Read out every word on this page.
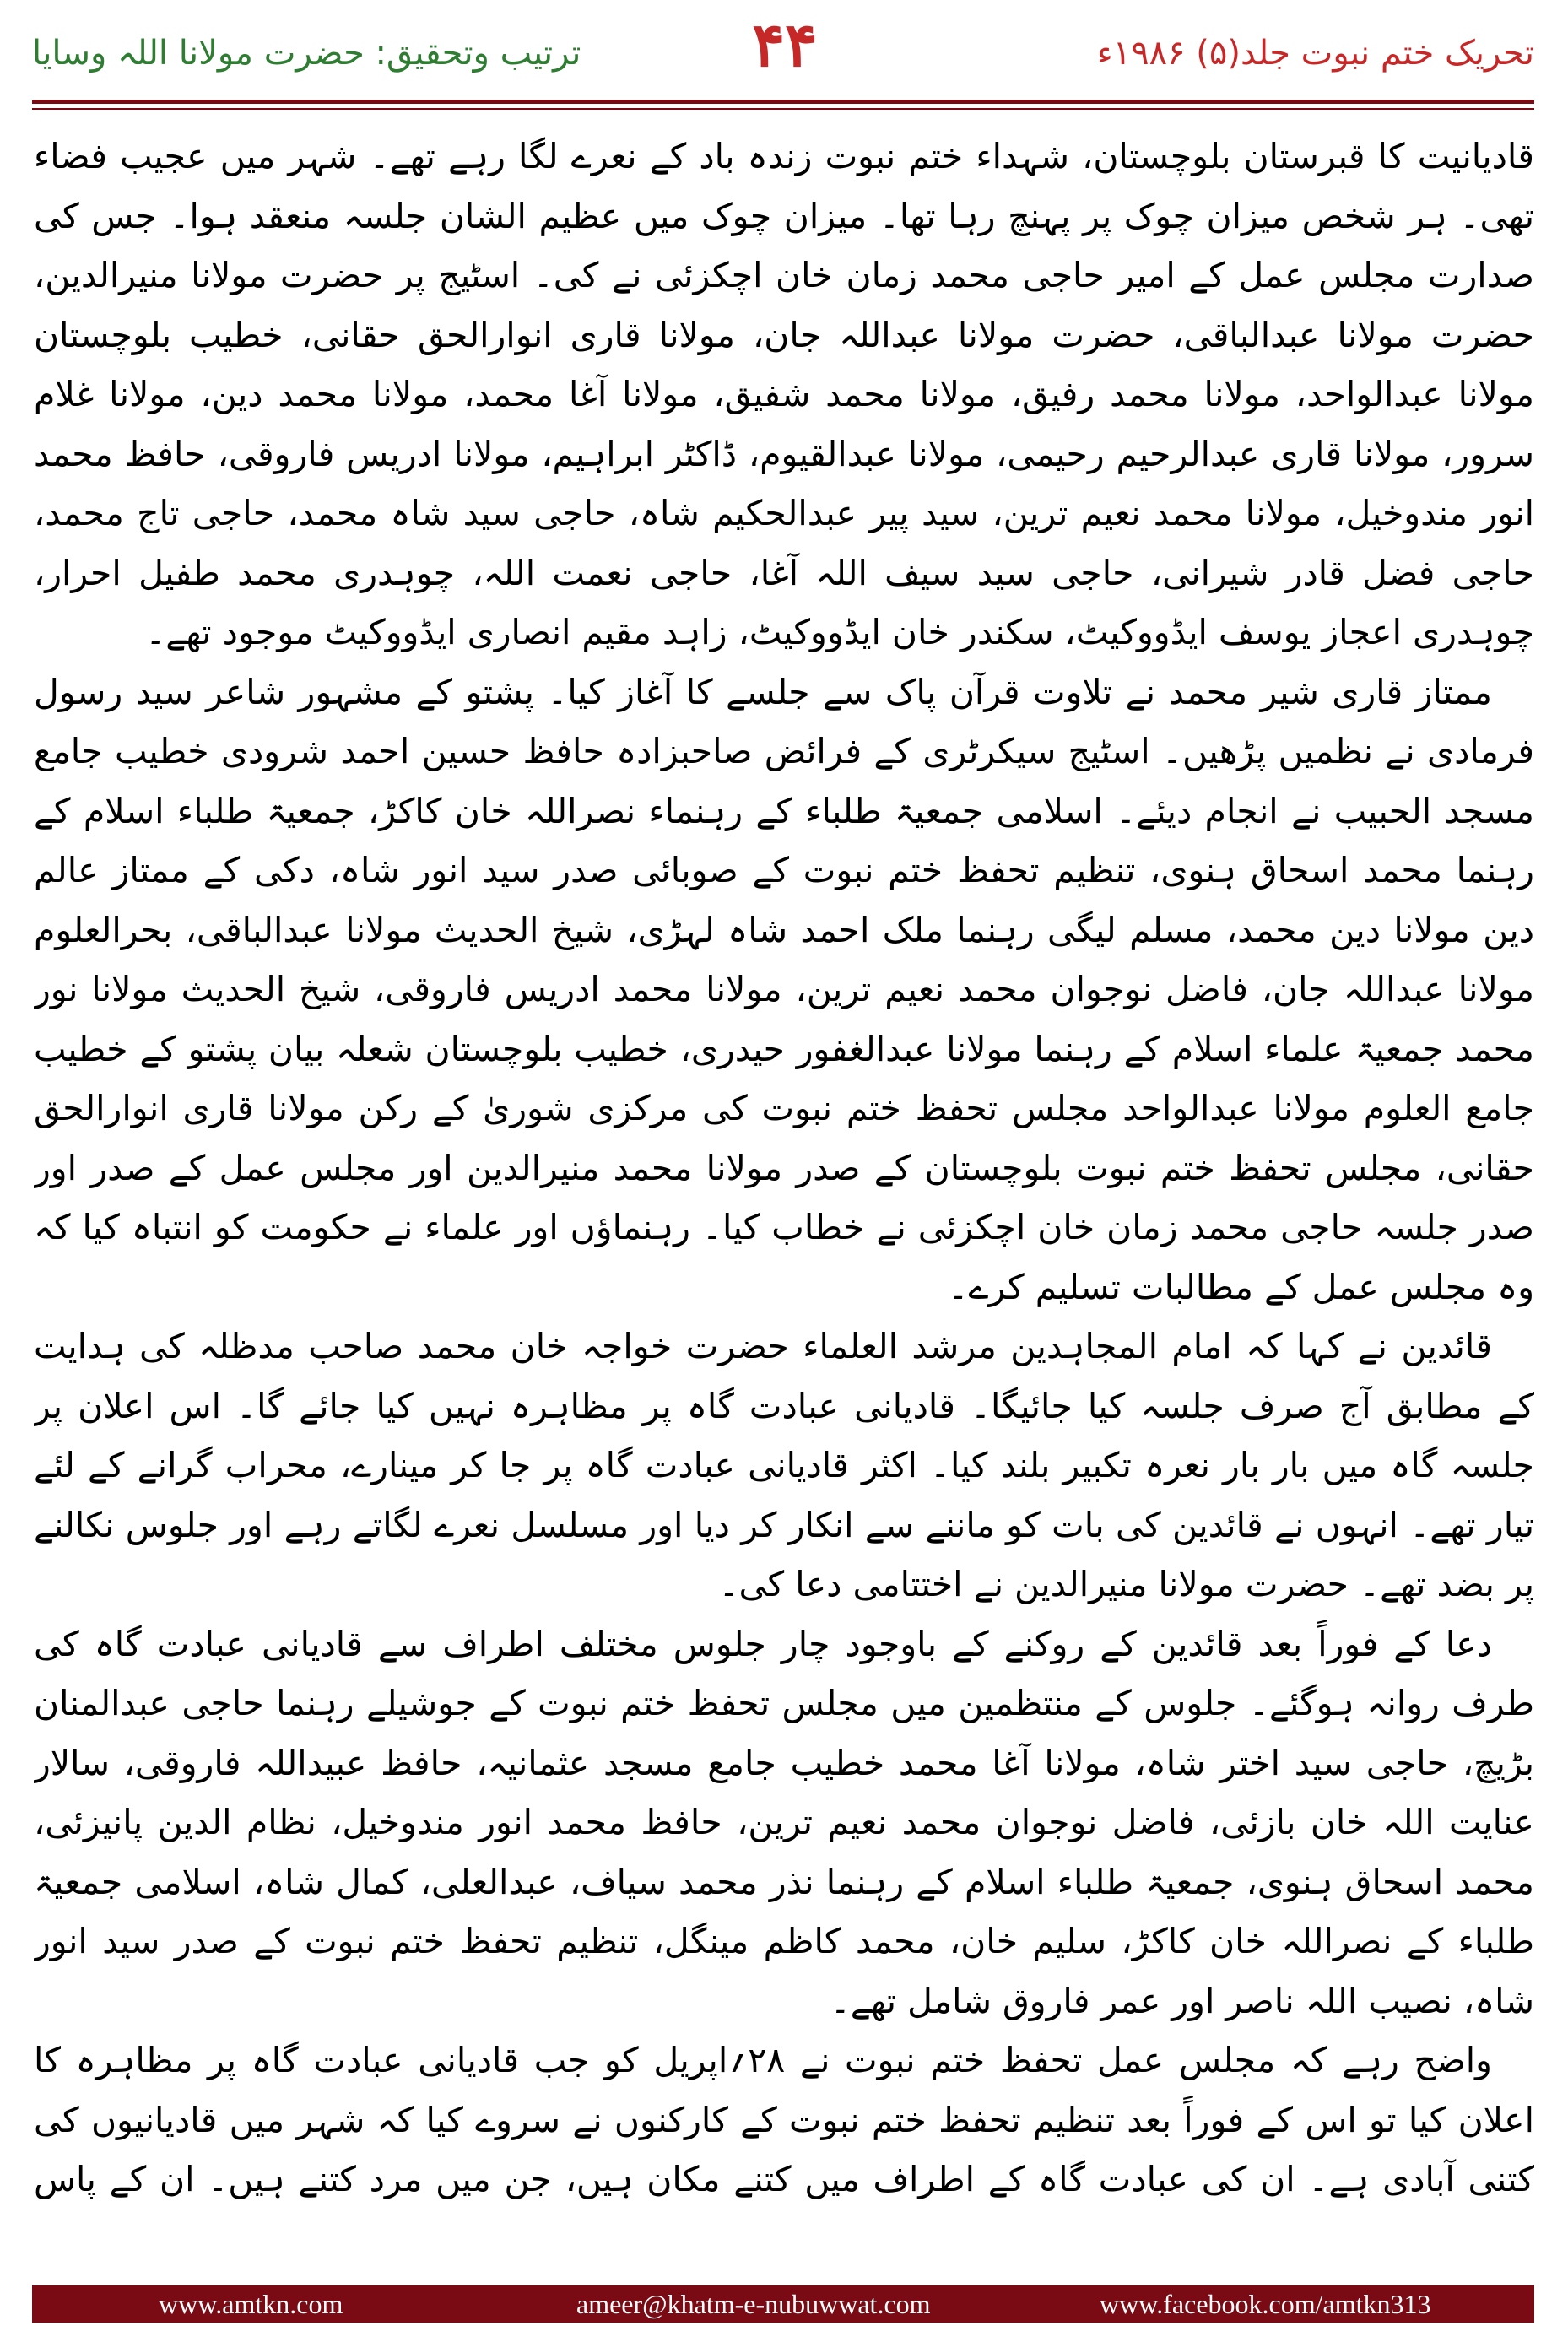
تحریک ختم نبوت جلد(۵) ۱۹۸۶ء
۴۴
ترتیب وتحقیق: حضرت مولانا اللہ وسایا

قادیانیت کا قبرستان بلوچستان، شہداء ختم نبوت زندہ باد کے نعرے لگا رہے تھے۔ شہر میں عجیب فضاء تھی۔ ہر شخص میزان چوک پر پہنچ رہا تھا۔ میزان چوک میں عظیم الشان جلسہ منعقد ہوا۔ جس کی صدارت مجلس عمل کے امیر حاجی محمد زمان خان اچکزئی نے کی۔ اسٹیج پر حضرت مولانا منیرالدین، حضرت مولانا عبدالباقی، حضرت مولانا عبداللہ جان، مولانا قاری انوارالحق حقانی، خطیب بلوچستان مولانا عبدالواحد، مولانا محمد رفیق، مولانا محمد شفیق، مولانا آغا محمد، مولانا محمد دین، مولانا غلام سرور، مولانا قاری عبدالرحیم رحیمی، مولانا عبدالقیوم، ڈاکٹر ابراہیم، مولانا ادریس فاروقی، حافظ محمد انور مندوخیل، مولانا محمد نعیم ترین، سید پیر عبدالحکیم شاہ، حاجی سید شاہ محمد، حاجی تاج محمد، حاجی فضل قادر شیرانی، حاجی سید سیف اللہ آغا، حاجی نعمت اللہ، چوہدری محمد طفیل احرار، چوہدری اعجاز یوسف ایڈووکیٹ، سکندر خان ایڈووکیٹ، زاہد مقیم انصاری ایڈووکیٹ موجود تھے۔

ممتاز قاری شیر محمد نے تلاوت قرآن پاک سے جلسے کا آغاز کیا۔ پشتو کے مشہور شاعر سید رسول فرمادی نے نظمیں پڑھیں۔ اسٹیج سیکرٹری کے فرائض صاحبزادہ حافظ حسین احمد شرودی خطیب جامع مسجد الحبیب نے انجام دیئے۔ اسلامی جمعیۃ طلباء کے رہنماء نصراللہ خان کاکڑ، جمعیۃ طلباء اسلام کے رہنما محمد اسحاق ہنوی، تنظیم تحفظ ختم نبوت کے صوبائی صدر سید انور شاہ، دکی کے ممتاز عالم دین مولانا دین محمد، مسلم لیگی رہنما ملک احمد شاہ لہڑی، شیخ الحدیث مولانا عبدالباقی، بحرالعلوم مولانا عبداللہ جان، فاضل نوجوان محمد نعیم ترین، مولانا محمد ادریس فاروقی، شیخ الحدیث مولانا نور محمد جمعیۃ علماء اسلام کے رہنما مولانا عبدالغفور حیدری، خطیب بلوچستان شعلہ بیان پشتو کے خطیب جامع العلوم مولانا عبدالواحد مجلس تحفظ ختم نبوت کی مرکزی شوریٰ کے رکن مولانا قاری انوارالحق حقانی، مجلس تحفظ ختم نبوت بلوچستان کے صدر مولانا محمد منیرالدین اور مجلس عمل کے صدر اور صدر جلسہ حاجی محمد زمان خان اچکزئی نے خطاب کیا۔ رہنماؤں اور علماء نے حکومت کو انتباہ کیا کہ وہ مجلس عمل کے مطالبات تسلیم کرے۔

قائدین نے کہا کہ امام المجاہدین مرشد العلماء حضرت خواجہ خان محمد صاحب مدظلہ کی ہدایت کے مطابق آج صرف جلسہ کیا جائیگا۔ قادیانی عبادت گاہ پر مظاہرہ نہیں کیا جائے گا۔ اس اعلان پر جلسہ گاہ میں بار بار نعرہ تکبیر بلند کیا۔ اکثر قادیانی عبادت گاہ پر جا کر مینارے، محراب گرانے کے لئے تیار تھے۔ انہوں نے قائدین کی بات کو ماننے سے انکار کر دیا اور مسلسل نعرے لگاتے رہے اور جلوس نکالنے پر بضد تھے۔ حضرت مولانا منیرالدین نے اختتامی دعا کی۔

دعا کے فوراً بعد قائدین کے روکنے کے باوجود چار جلوس مختلف اطراف سے قادیانی عبادت گاہ کی طرف روانہ ہوگئے۔ جلوس کے منتظمین میں مجلس تحفظ ختم نبوت کے جوشیلے رہنما حاجی عبدالمنان بڑیچ، حاجی سید اختر شاہ، مولانا آغا محمد خطیب جامع مسجد عثمانیہ، حافظ عبیداللہ فاروقی، سالار عنایت اللہ خان بازئی، فاضل نوجوان محمد نعیم ترین، حافظ محمد انور مندوخیل، نظام الدین پانیزئی، محمد اسحاق ہنوی، جمعیۃ طلباء اسلام کے رہنما نذر محمد سیاف، عبدالعلی، کمال شاہ، اسلامی جمعیۃ طلباء کے نصراللہ خان کاکڑ، سلیم خان، محمد کاظم مینگل، تنظیم تحفظ ختم نبوت کے صدر سید انور شاہ، نصیب اللہ ناصر اور عمر فاروق شامل تھے۔

واضح رہے کہ مجلس عمل تحفظ ختم نبوت نے ۲۸؍اپریل کو جب قادیانی عبادت گاہ پر مظاہرہ کا اعلان کیا تو اس کے فوراً بعد تنظیم تحفظ ختم نبوت کے کارکنوں نے سروے کیا کہ شہر میں قادیانیوں کی کتنی آبادی ہے۔ ان کی عبادت گاہ کے اطراف میں کتنے مکان ہیں، جن میں مرد کتنے ہیں۔ ان کے پاس

www.amtkn.com	ameer@khatm-e-nubuwwat.com	www.facebook.com/amtkn313
